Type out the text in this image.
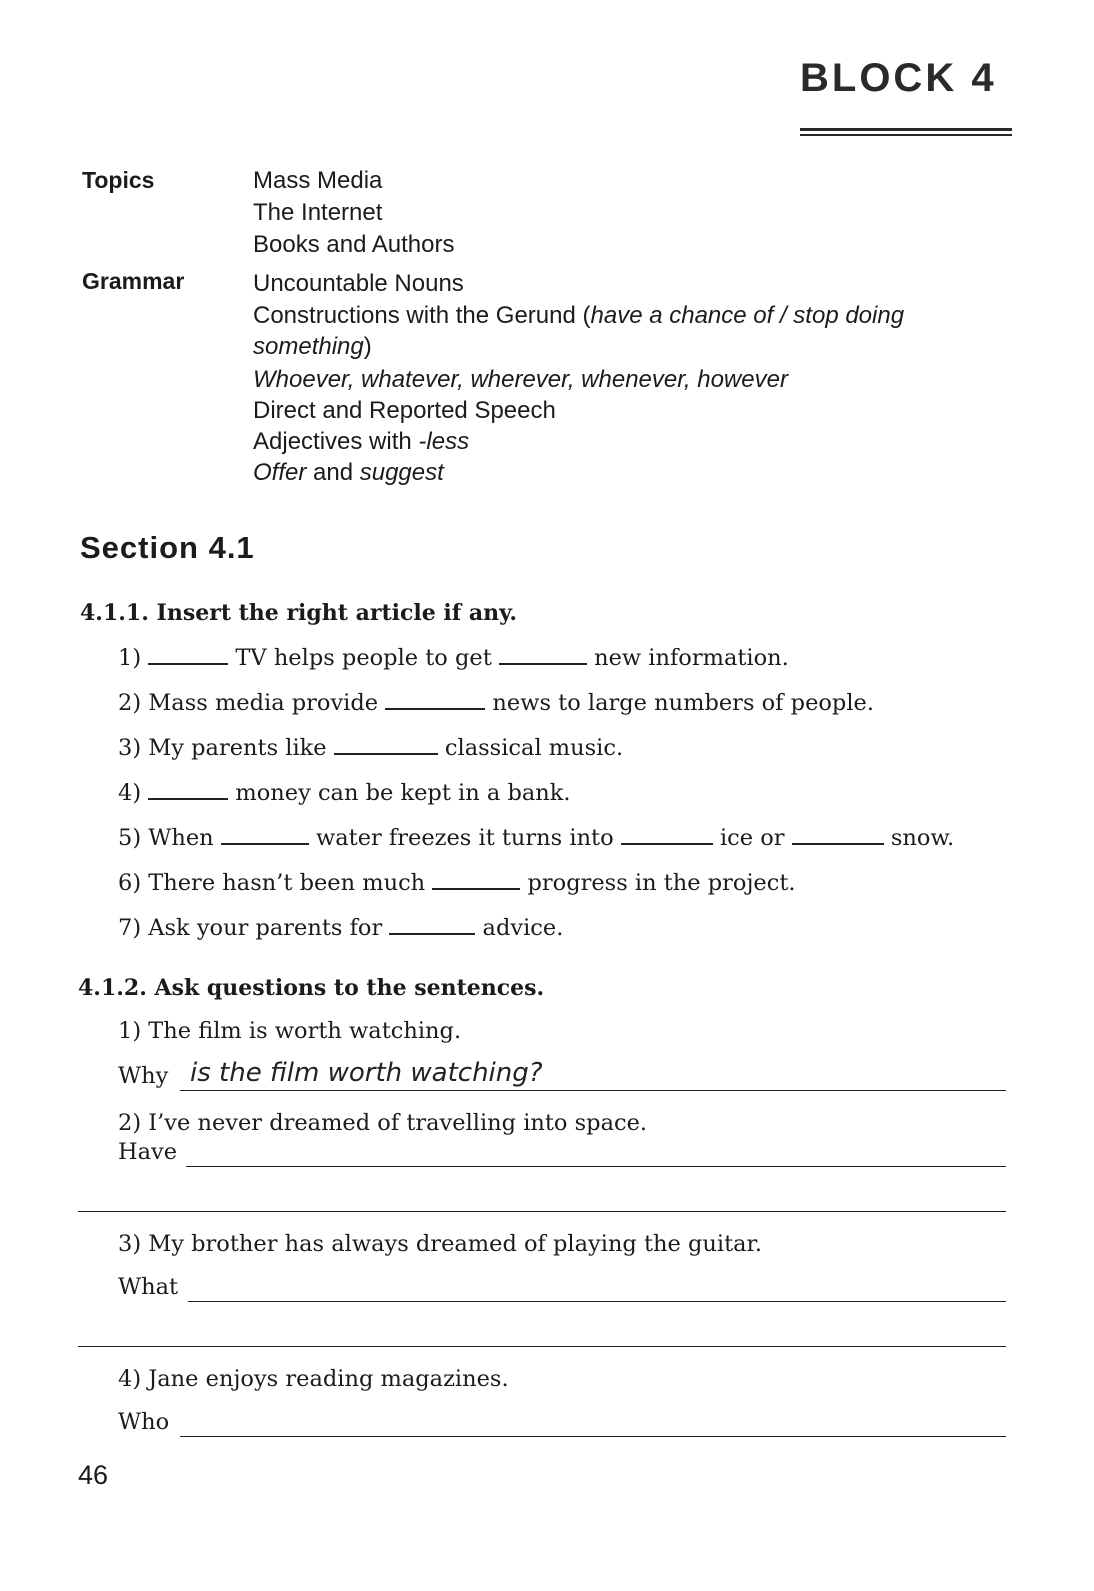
BLOCK 4
Topics	Mass Media
The Internet
Books and Authors
Grammar	Uncountable Nouns
Constructions with the Gerund (have a chance of / stop doing
something)
Whoever, whatever, wherever, whenever, however
Direct and Reported Speech
Adjectives with -less
Offer and suggest
Section 4.1
4.1.1. Insert the right article if any.
1)	TV helps people to get	new information.
2) Mass media provide	news to large numbers of people.
3) My parents like	classical music.
4)	money can be kept in a bank.
5) When	water freezes it turns into	ice or	snow.
6) There hasn’t been much	progress in the project.
7) Ask your parents for	advice.
4.1.2. Ask questions to the sentences.
1) The film is worth watching.
Why is the film worth watching?
2) I’ve never dreamed of travelling into space.
Have
3) My brother has always dreamed of playing the guitar.
What
4) Jane enjoys reading magazines.
Who
46
